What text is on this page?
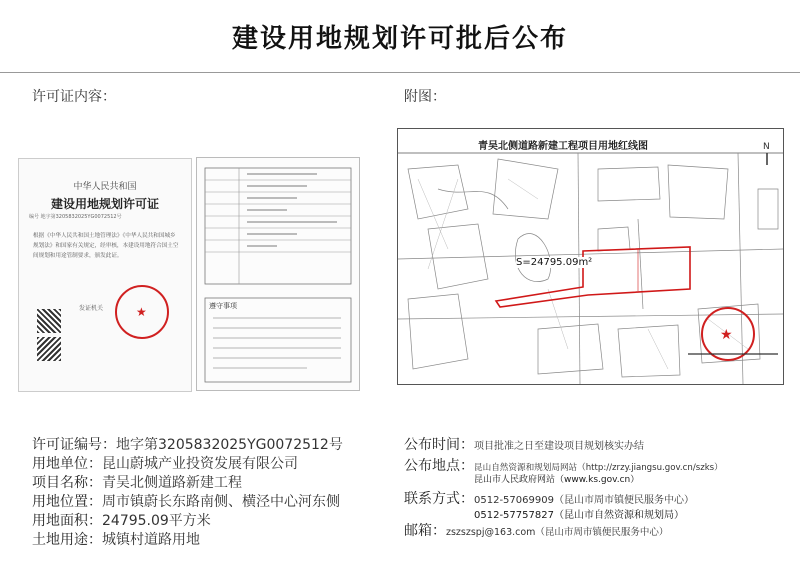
建设用地规划许可批后公布
许可证内容：	附图：
中华人民共和国
建设用地规划许可证
编号 地字第3205832025YG0072512号
根据《中华人民共和国土地管理法》《中华人民共和国城乡规划法》和国家有关规定，经审核，本建设用地符合国土空间规划和用途管制要求，颁发此证。
发证机关	★	遵守事项
青吴北侧道路新建工程项目用地红线图
★
N
S=24795.09m²
许可证编号：地字第3205832025YG0072512号
用地单位：昆山蔚城产业投资发展有限公司
项目名称：青吴北侧道路新建工程
用地位置：周市镇蔚长东路南侧、横泾中心河东侧
用地面积：24795.09平方米
土地用途：城镇村道路用地
公布时间：项目批准之日至建设项目规划核实办结
公布地点：昆山自然资源和规划局网站（http://zrzy.jiangsu.gov.cn/szks）
昆山市人民政府网站（www.ks.gov.cn）
联系方式：0512-57069909（昆山市周市镇便民服务中心）
0512-57757827（昆山市自然资源和规划局）
邮箱：zszszspj@163.com（昆山市周市镇便民服务中心）
